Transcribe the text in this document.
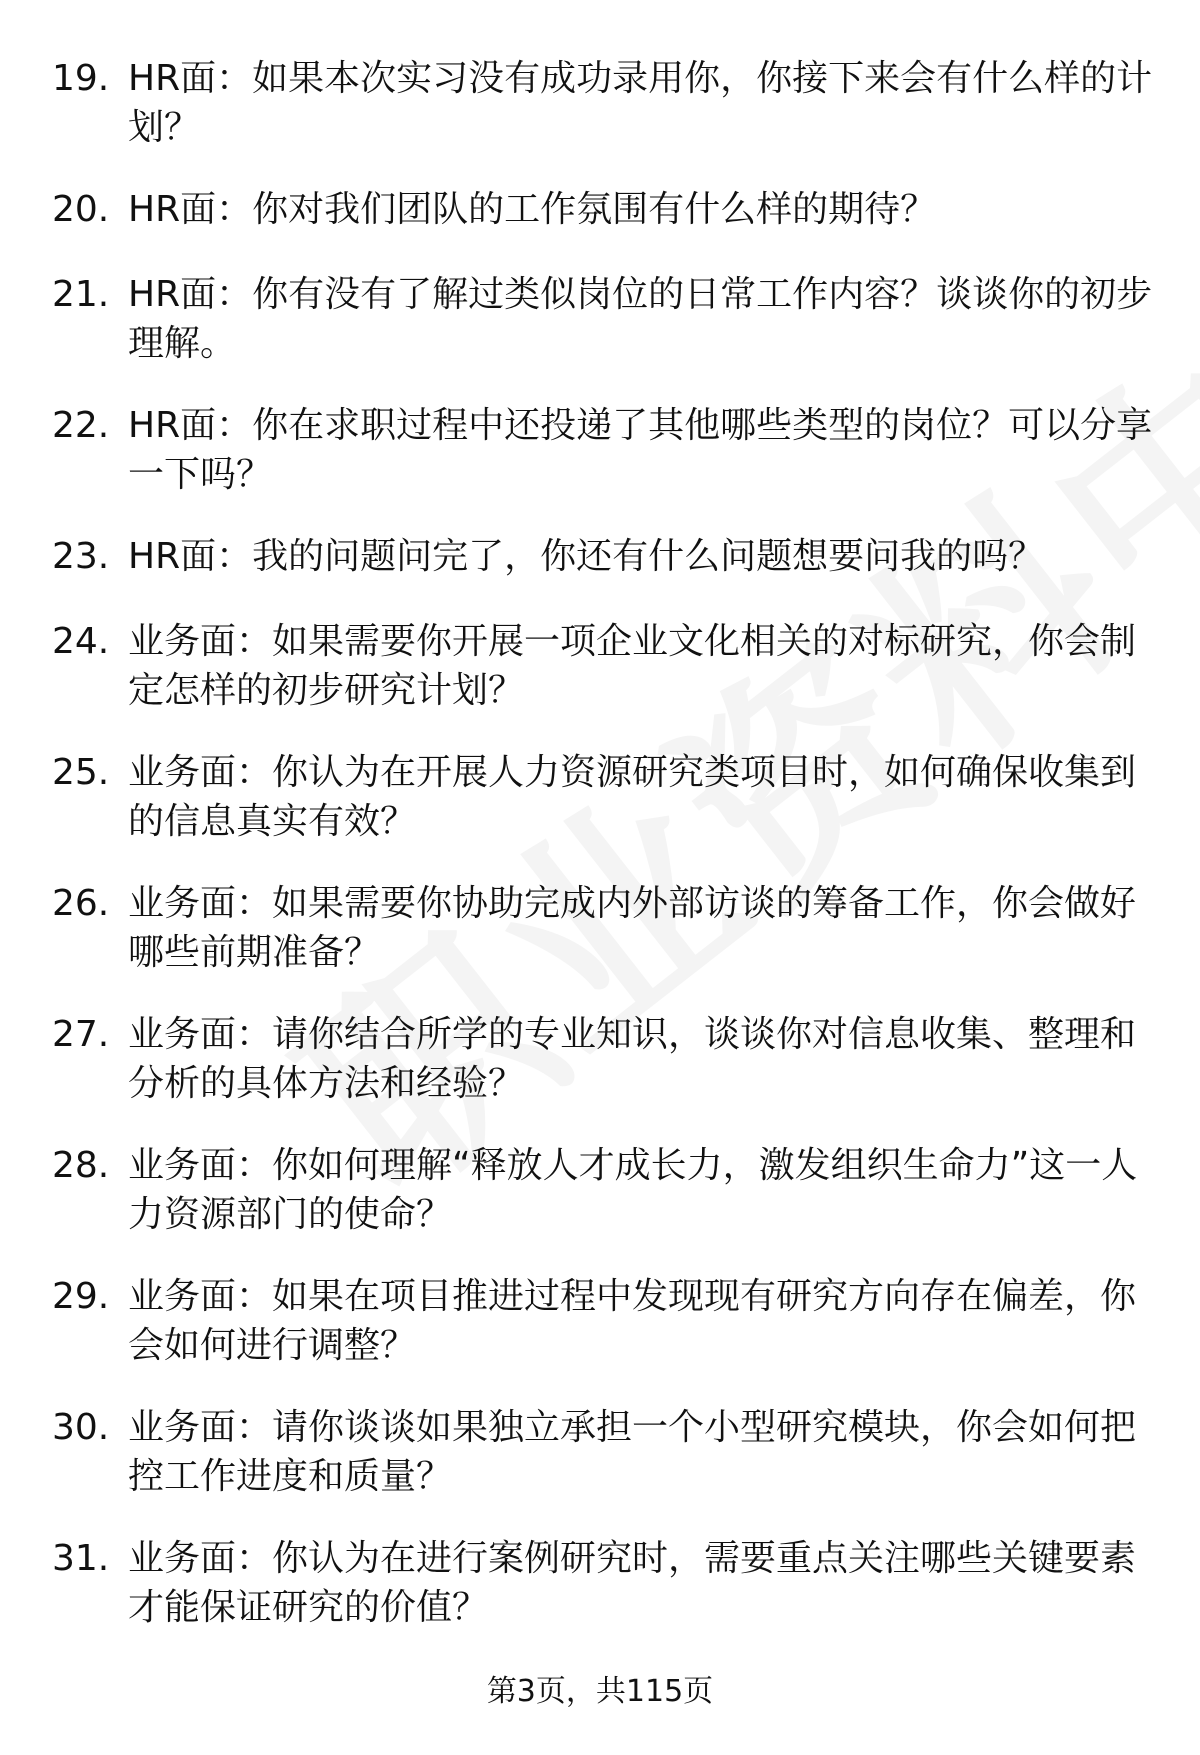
19. HR面：如果本次实习没有成功录用你，你接下来会有什么样的计划？
20. HR面：你对我们团队的工作氛围有什么样的期待？
21. HR面：你有没有了解过类似岗位的日常工作内容？谈谈你的初步理解。
22. HR面：你在求职过程中还投递了其他哪些类型的岗位？可以分享一下吗？
23. HR面：我的问题问完了，你还有什么问题想要问我的吗？
24. 业务面：如果需要你开展一项企业文化相关的对标研究，你会制定怎样的初步研究计划？
25. 业务面：你认为在开展人力资源研究类项目时，如何确保收集到的信息真实有效？
26. 业务面：如果需要你协助完成内外部访谈的筹备工作，你会做好哪些前期准备？
27. 业务面：请你结合所学的专业知识，谈谈你对信息收集、整理和分析的具体方法和经验？
28. 业务面：你如何理解“释放人才成长力，激发组织生命力”这一人力资源部门的使命？
29. 业务面：如果在项目推进过程中发现现有研究方向存在偏差，你会如何进行调整？
30. 业务面：请你谈谈如果独立承担一个小型研究模块，你会如何把控工作进度和质量？
31. 业务面：你认为在进行案例研究时，需要重点关注哪些关键要素才能保证研究的价值？
第3页，共115页
